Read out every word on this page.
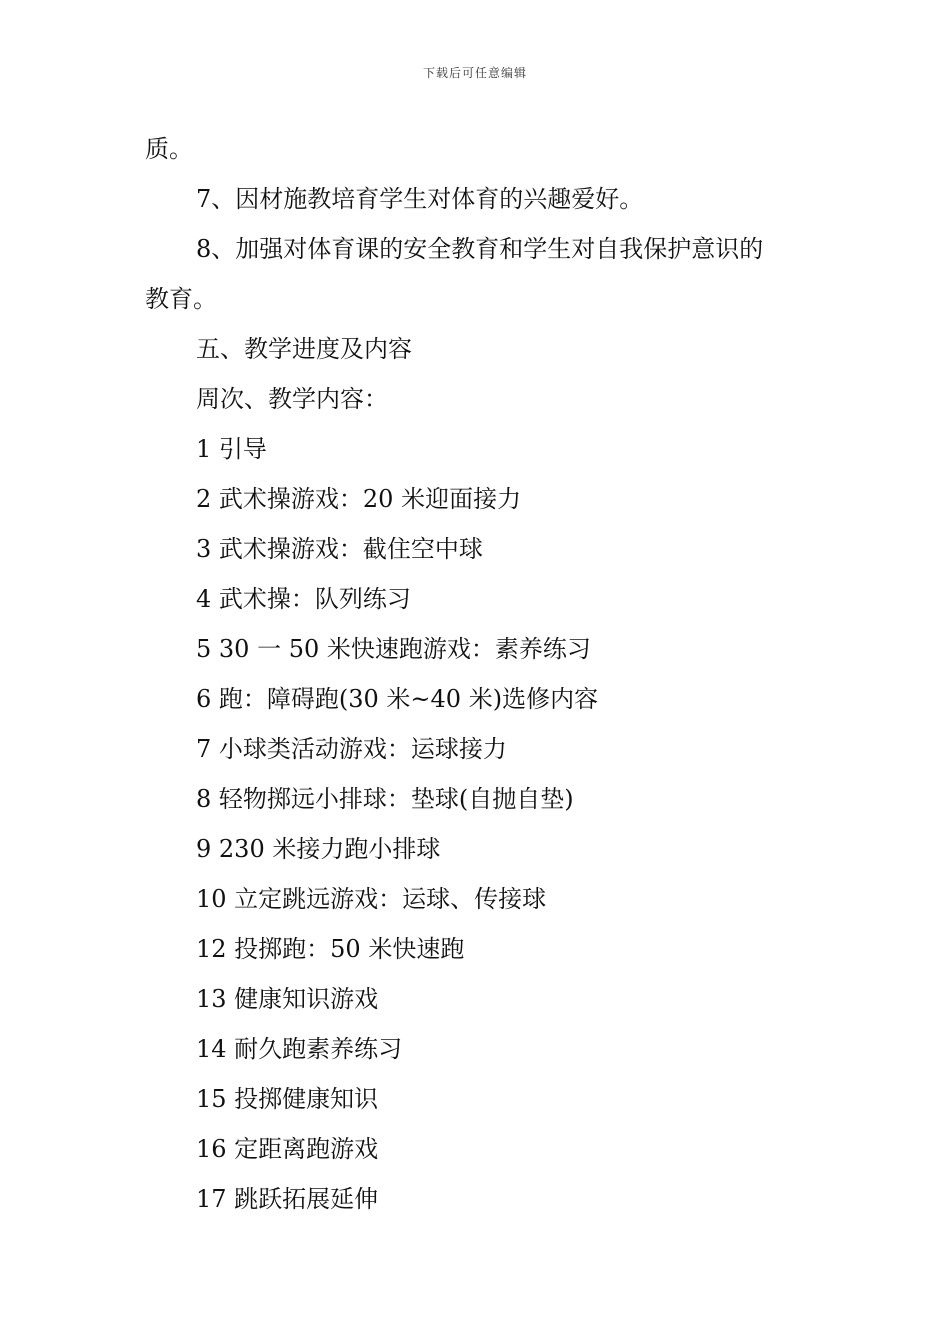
下载后可任意编辑
质。
7、因材施教培育学生对体育的兴趣爱好。
8、加强对体育课的安全教育和学生对自我保护意识的
教育。
五、教学进度及内容
周次、教学内容：
1 引导
2 武术操游戏：20 米迎面接力
3 武术操游戏：截住空中球
4 武术操：队列练习
5 30 一 50 米快速跑游戏：素养练习
6 跑：障碍跑(30 米~40 米)选修内容
7 小球类活动游戏：运球接力
8 轻物掷远小排球：垫球(自抛自垫)
9 230 米接力跑小排球
10 立定跳远游戏：运球、传接球
12 投掷跑：50 米快速跑
13 健康知识游戏
14 耐久跑素养练习
15 投掷健康知识
16 定距离跑游戏
17 跳跃拓展延伸
